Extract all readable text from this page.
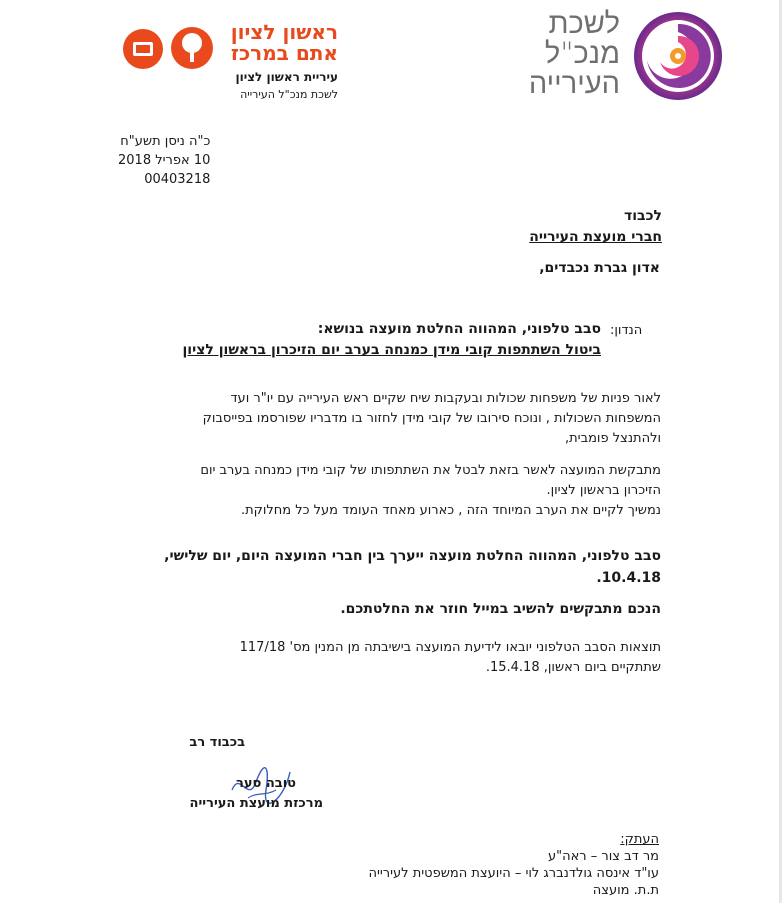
לשכת
מנכ"ל
העירייה
ראשון לציון
אתם במרכז
עיריית ראשון לציון
לשכת מנכ"ל העירייה
כ"ה ניסן תשע"ח
10 אפריל 2018
00403218
לכבוד
חברי מועצת העירייה
אדון גברת נכבדים,
הנדון:
סבב טלפוני, המהווה החלטת מועצה בנושא:
ביטול השתתפות קובי מידן כמנחה בערב יום הזיכרון בראשון לציון
לאור פניות של משפחות שכולות ובעקבות שיח שקיים ראש העירייה עם יו"ר ועד
המשפחות השכולות , ונוכח סירובו של קובי מידן לחזור בו מדבריו שפורסמו בפייסבוק
ולהתנצל פומבית,
מתבקשת המועצה לאשר בזאת לבטל את השתתפותו של קובי מידן כמנחה בערב יום
הזיכרון בראשון לציון.
נמשיך לקיים את הערב המיוחד הזה , כארוע מאחד העומד מעל כל מחלוקת.
סבב טלפוני, המהווה החלטת מועצה ייערך בין חברי המועצה היום, יום שלישי,
10.4.18.
הנכם מתבקשים להשיב במייל חוזר את החלטתכם.
תוצאות הסבב הטלפוני יובאו לידיעת המועצה בישיבתה מן המנין מס' 117/18
שתתקיים ביום ראשון, 15.4.18.
בכבוד רב
טובה סער
מרכזת מועצת העירייה
העתק:
מר דב צור – ראה"ע
עו"ד אינסה גולדנברג לוי – היועצת המשפטית לעירייה
ת.ת. מועצה
